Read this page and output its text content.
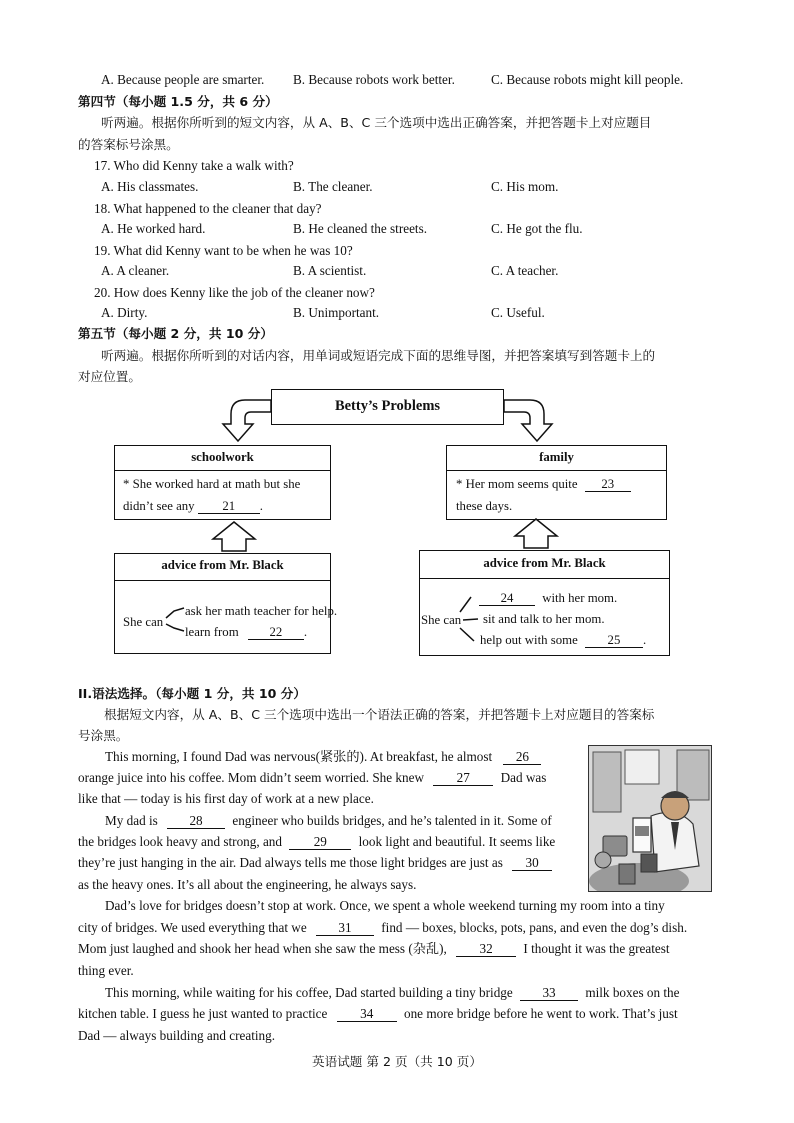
A. Because people are smarter. B. Because robots work better.	C. Because robots might kill people.
第四节（每小题 1.5 分，共 6 分）
听两遍。根据你所听到的短文内容，从 A、B、C 三个选项中选出正确答案，并把答题卡上对应题目
的答案标号涂黑。
17. Who did Kenny take a walk with?
A. His classmates.	B. The cleaner.	C. His mom.
18. What happened to the cleaner that day?
A. He worked hard.	B. He cleaned the streets.	C. He got the flu.
19. What did Kenny want to be when he was 10?
A. A cleaner.	B. A scientist.	C. A teacher.
20. How does Kenny like the job of the cleaner now?
A. Dirty.	B. Unimportant.	C. Useful.
第五节（每小题 2 分，共 10 分）
听两遍。根据你所听到的对话内容，用单词或短语完成下面的思维导图，并把答案填写到答题卡上的
对应位置。
Betty’s Problems
schoolwork
* She worked hard at math but she
didn’t see any 21 .
family
* Her mom seems quite 23
these days.
advice from Mr. Black
She can
ask her math teacher for help.
learn from 22 .
advice from Mr. Black
She can
24 with her mom.
sit and talk to her mom.
help out with some 25 .
II.语法选择。（每小题 1 分，共 10 分）
根据短文内容，从 A、B、C 三个选项中选出一个语法正确的答案，并把答题卡上对应题目的答案标
号涂黑。
This morning, I found Dad was nervous(紧张的). At breakfast, he almost 26
orange juice into his coffee. Mom didn’t seem worried. She knew 27 Dad was
like that — today is his first day of work at a new place.
My dad is 28 engineer who builds bridges, and he’s talented in it. Some of
the bridges look heavy and strong, and 29 look light and beautiful. It seems like
they’re just hanging in the air. Dad always tells me those light bridges are just as 30
as the heavy ones. It’s all about the engineering, he always says.
Dad’s love for bridges doesn’t stop at work. Once, we spent a whole weekend turning my room into a tiny
city of bridges. We used everything that we 31 find — boxes, blocks, pots, pans, and even the dog’s dish.
Mom just laughed and shook her head when she saw the mess (杂乱), 32 I thought it was the greatest
thing ever.
This morning, while waiting for his coffee, Dad started building a tiny bridge 33 milk boxes on the
kitchen table. I guess he just wanted to practice 34 one more bridge before he went to work. That’s just
Dad — always building and creating.
英语试题 第 2 页（共 10 页）
